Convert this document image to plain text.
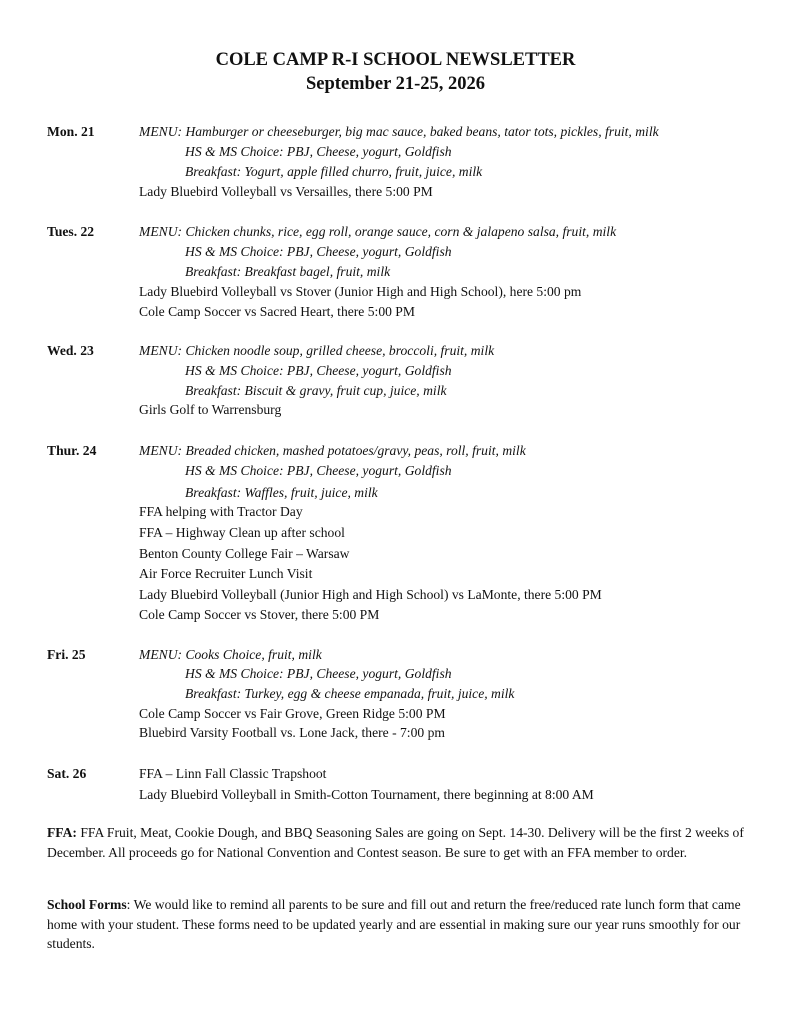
COLE CAMP R-I SCHOOL NEWSLETTER
September 21-25, 2026
Mon. 21	MENU: Hamburger or cheeseburger, big mac sauce, baked beans, tator tots, pickles, fruit, milk
HS & MS Choice: PBJ, Cheese, yogurt, Goldfish
Breakfast: Yogurt, apple filled churro, fruit, juice, milk
Lady Bluebird Volleyball vs Versailles, there 5:00 PM
Tues. 22	MENU: Chicken chunks, rice, egg roll, orange sauce, corn & jalapeno salsa, fruit, milk
HS & MS Choice: PBJ, Cheese, yogurt, Goldfish
Breakfast: Breakfast bagel, fruit, milk
Lady Bluebird Volleyball vs Stover (Junior High and High School), here 5:00 pm
Cole Camp Soccer vs Sacred Heart, there 5:00 PM
Wed. 23	MENU: Chicken noodle soup, grilled cheese, broccoli, fruit, milk
HS & MS Choice: PBJ, Cheese, yogurt, Goldfish
Breakfast: Biscuit & gravy, fruit cup, juice, milk
Girls Golf to Warrensburg
Thur. 24	MENU: Breaded chicken, mashed potatoes/gravy, peas, roll, fruit, milk
HS & MS Choice: PBJ, Cheese, yogurt, Goldfish
Breakfast: Waffles, fruit, juice, milk
FFA helping with Tractor Day
FFA – Highway Clean up after school
Benton County College Fair – Warsaw
Air Force Recruiter Lunch Visit
Lady Bluebird Volleyball (Junior High and High School) vs LaMonte, there 5:00 PM
Cole Camp Soccer vs Stover, there 5:00 PM
Fri. 25	MENU: Cooks Choice, fruit, milk
HS & MS Choice: PBJ, Cheese, yogurt, Goldfish
Breakfast: Turkey, egg & cheese empanada, fruit, juice, milk
Cole Camp Soccer vs Fair Grove, Green Ridge 5:00 PM
Bluebird Varsity Football vs. Lone Jack, there - 7:00 pm
Sat. 26	FFA – Linn Fall Classic Trapshoot
Lady Bluebird Volleyball in Smith-Cotton Tournament, there beginning at 8:00 AM
FFA: FFA Fruit, Meat, Cookie Dough, and BBQ Seasoning Sales are going on Sept. 14-30. Delivery will be the first 2 weeks of December. All proceeds go for National Convention and Contest season. Be sure to get with an FFA member to order.
School Forms: We would like to remind all parents to be sure and fill out and return the free/reduced rate lunch form that came home with your student. These forms need to be updated yearly and are essential in making sure our year runs smoothly for our students.
